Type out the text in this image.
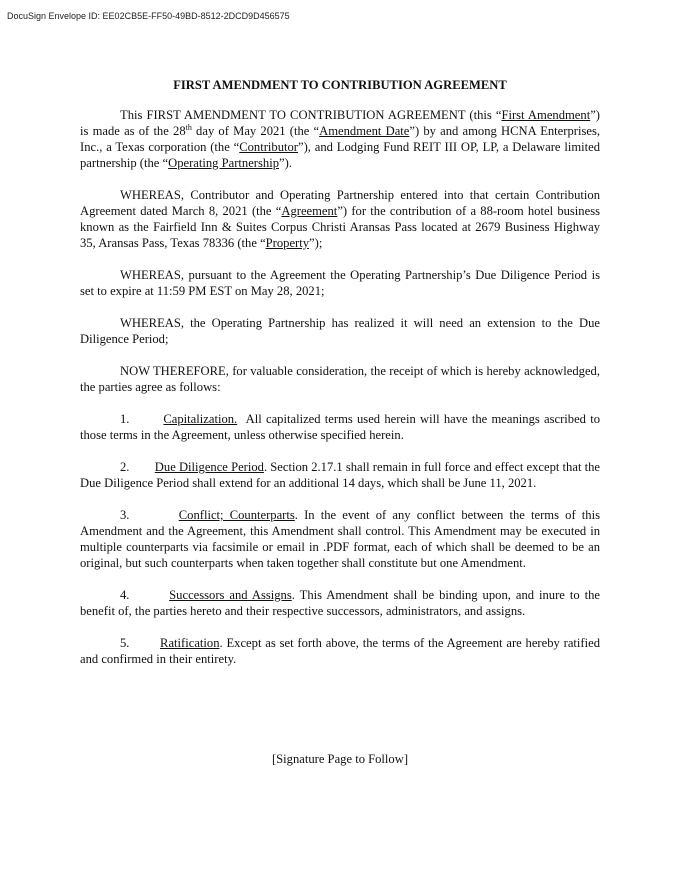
DocuSign Envelope ID: EE02CB5E-FF50-49BD-8512-2DCD9D456575
FIRST AMENDMENT TO CONTRIBUTION AGREEMENT

This FIRST AMENDMENT TO CONTRIBUTION AGREEMENT (this “First Amendment”) is made as of the 28th day of May 2021 (the “Amendment Date”) by and among HCNA Enterprises, Inc., a Texas corporation (the “Contributor”), and Lodging Fund REIT III OP, LP, a Delaware limited partnership (the “Operating Partnership”).

WHEREAS, Contributor and Operating Partnership entered into that certain Contribution Agreement dated March 8, 2021 (the “Agreement”) for the contribution of a 88-room hotel business known as the Fairfield Inn & Suites Corpus Christi Aransas Pass located at 2679 Business Highway 35, Aransas Pass, Texas 78336 (the “Property”);

WHEREAS, pursuant to the Agreement the Operating Partnership’s Due Diligence Period is set to expire at 11:59 PM EST on May 28, 2021;

WHEREAS, the Operating Partnership has realized it will need an extension to the Due Diligence Period;

NOW THEREFORE, for valuable consideration, the receipt of which is hereby acknowledged, the parties agree as follows:

1.	Capitalization. All capitalized terms used herein will have the meanings ascribed to those terms in the Agreement, unless otherwise specified herein.

2. Due Diligence Period. Section 2.17.1 shall remain in full force and effect except that the Due Diligence Period shall extend for an additional 14 days, which shall be June 11, 2021.

3.	Conflict; Counterparts. In the event of any conflict between the terms of this Amendment and the Agreement, this Amendment shall control. This Amendment may be executed in multiple counterparts via facsimile or email in .PDF format, each of which shall be deemed to be an original, but such counterparts when taken together shall constitute but one Amendment.

4.	Successors and Assigns. This Amendment shall be binding upon, and inure to the benefit of, the parties hereto and their respective successors, administrators, and assigns.

5. Ratification. Except as set forth above, the terms of the Agreement are hereby ratified and confirmed in their entirety.

[Signature Page to Follow]
